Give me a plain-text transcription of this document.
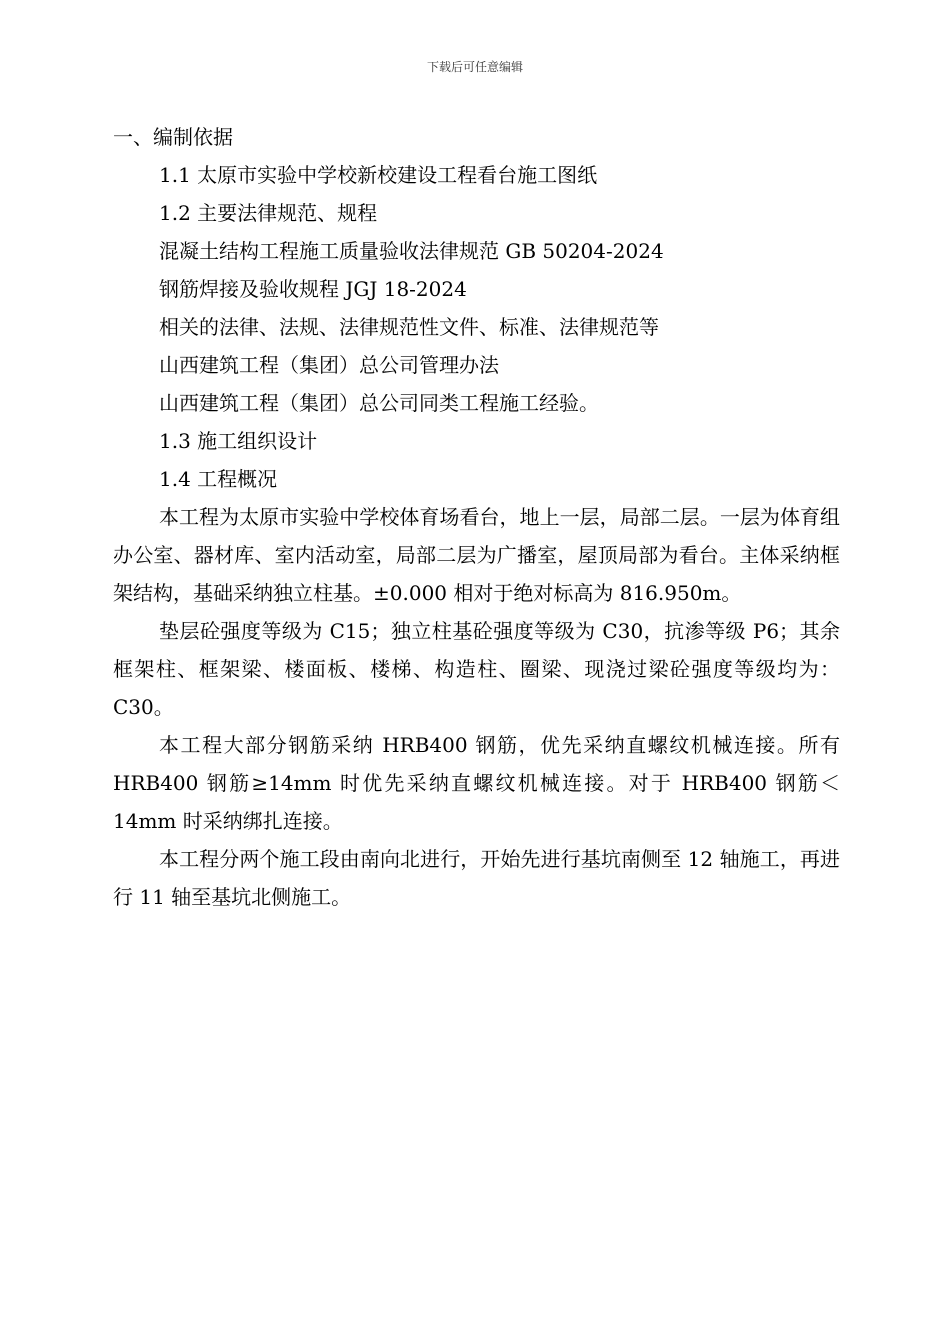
下载后可任意编辑

一、编制依据

1.1 太原市实验中学校新校建设工程看台施工图纸

1.2 主要法律规范、规程

混凝土结构工程施工质量验收法律规范 GB 50204-2024

钢筋焊接及验收规程 JGJ 18-2024

相关的法律、法规、法律规范性文件、标准、法律规范等

山西建筑工程（集团）总公司管理办法

山西建筑工程（集团）总公司同类工程施工经验。

1.3 施工组织设计

1.4 工程概况

本工程为太原市实验中学校体育场看台，地上一层，局部二层。一层为体育组办公室、器材库、室内活动室，局部二层为广播室，屋顶局部为看台。主体采纳框架结构，基础采纳独立柱基。±0.000 相对于绝对标高为 816.950m。

垫层砼强度等级为 C15；独立柱基砼强度等级为 C30，抗渗等级 P6；其余框架柱、框架梁、楼面板、楼梯、构造柱、圈梁、现浇过梁砼强度等级均为：C30。

本工程大部分钢筋采纳 HRB400 钢筋，优先采纳直螺纹机械连接。所有 HRB400 钢筋≥14mm 时优先采纳直螺纹机械连接。对于 HRB400 钢筋＜14mm 时采纳绑扎连接。

本工程分两个施工段由南向北进行，开始先进行基坑南侧至 12 轴施工，再进行 11 轴至基坑北侧施工。
